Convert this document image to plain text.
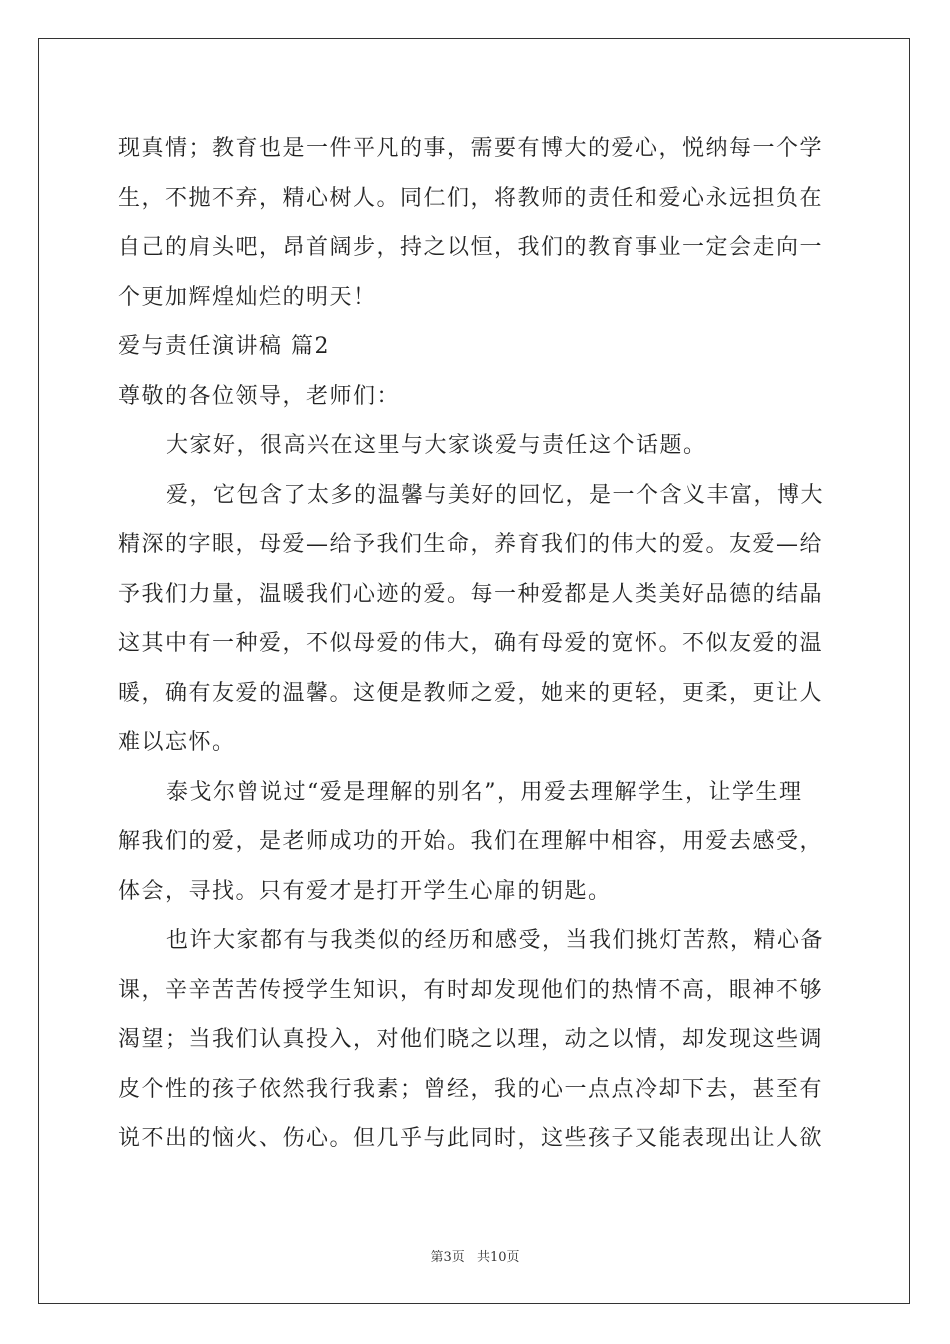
现真情；教育也是一件平凡的事，需要有博大的爱心，悦纳每一个学
生，不抛不弃，精心树人。同仁们，将教师的责任和爱心永远担负在
自己的肩头吧，昂首阔步，持之以恒，我们的教育事业一定会走向一
个更加辉煌灿烂的明天！
爱与责任演讲稿 篇2
尊敬的各位领导，老师们：
大家好，很高兴在这里与大家谈爱与责任这个话题。
爱，它包含了太多的温馨与美好的回忆，是一个含义丰富，博大
精深的字眼，母爱—给予我们生命，养育我们的伟大的爱。友爱—给
予我们力量，温暖我们心迹的爱。每一种爱都是人类美好品德的结晶
这其中有一种爱，不似母爱的伟大，确有母爱的宽怀。不似友爱的温
暖，确有友爱的温馨。这便是教师之爱，她来的更轻，更柔，更让人
难以忘怀。
泰戈尔曾说过“爱是理解的别名”，用爱去理解学生，让学生理
解我们的爱，是老师成功的开始。我们在理解中相容，用爱去感受，
体会，寻找。只有爱才是打开学生心扉的钥匙。
也许大家都有与我类似的经历和感受，当我们挑灯苦熬，精心备
课，辛辛苦苦传授学生知识，有时却发现他们的热情不高，眼神不够
渴望；当我们认真投入，对他们晓之以理，动之以情，却发现这些调
皮个性的孩子依然我行我素；曾经，我的心一点点冷却下去，甚至有
说不出的恼火、伤心。但几乎与此同时，这些孩子又能表现出让人欲
第3页 共10页
